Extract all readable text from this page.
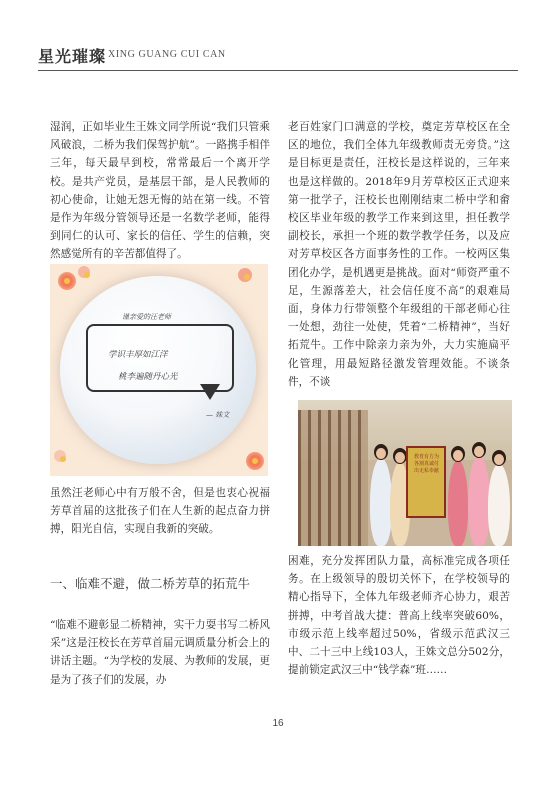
星光璀璨 XING GUANG CUI CAN

湿润，正如毕业生王姝文同学所说“我们只管乘风破浪，二桥为我们保驾护航”。一路携手相伴三年，每天最早到校，常常最后一个离开学校。是共产党员，是基层干部，是人民教师的初心使命，让她无怨无悔的站在第一线。不管是作为年级分管领导还是一名数学老师，能得到同仁的认可、家长的信任、学生的信赖，突然感觉所有的辛苦都值得了。

谨亲爱的汪老师
学识丰厚如江洋
桃李遍随丹心光
— 姝文

虽然汪老师心中有万般不舍，但是也衷心祝福芳草首届的这批孩子们在人生新的起点奋力拼搏，阳光自信，实现自我新的突破。

一、临难不避，做二桥芳草的拓荒牛

“临难不避彰显二桥精神，实干力耍书写二桥风采”这是汪校长在芳草首届元调质量分析会上的讲话主题。“为学校的发展、为教师的发展，更是为了孩子们的发展，办

老百姓家门口满意的学校，奠定芳草校区在全区的地位，我们全体九年级教师责无旁贷。”这是目标更是责任，汪校长是这样说的，三年来也是这样做的。2018年9月芳草校区正式迎来第一批学子，汪校长也刚刚结束二桥中学和畲校区毕业年级的教学工作来到这里，担任教学副校长，承担一个班的数学教学任务，以及应对芳草校区各方面事务性的工作。一校两区集团化办学，是机遇更是挑战。面对“师资严重不足，生源落差大，社会信任度不高”的艰难局面，身体力行带领整个年级组的干部老师心往一处想，劲往一处使，凭着“二桥精神”，当好拓荒牛。工作中除亲力亲为外，大力实施扁平化管理，用最短路径激发管理效能。不谈条件，不谈

教育有方为各割真诚付出无私奉献

困难，充分发挥团队力量，高标准完成各项任务。在上级领导的殷切关怀下，在学校领导的精心指导下，全体九年级老师齐心协力，艰苦拼搏，中考首战大捷：普高上线率突破60%，市级示范上线率超过50%，省级示范武汉三中、二十三中上线103人，王姝文总分502分，提前锁定武汉三中“钱学森”班……

16
